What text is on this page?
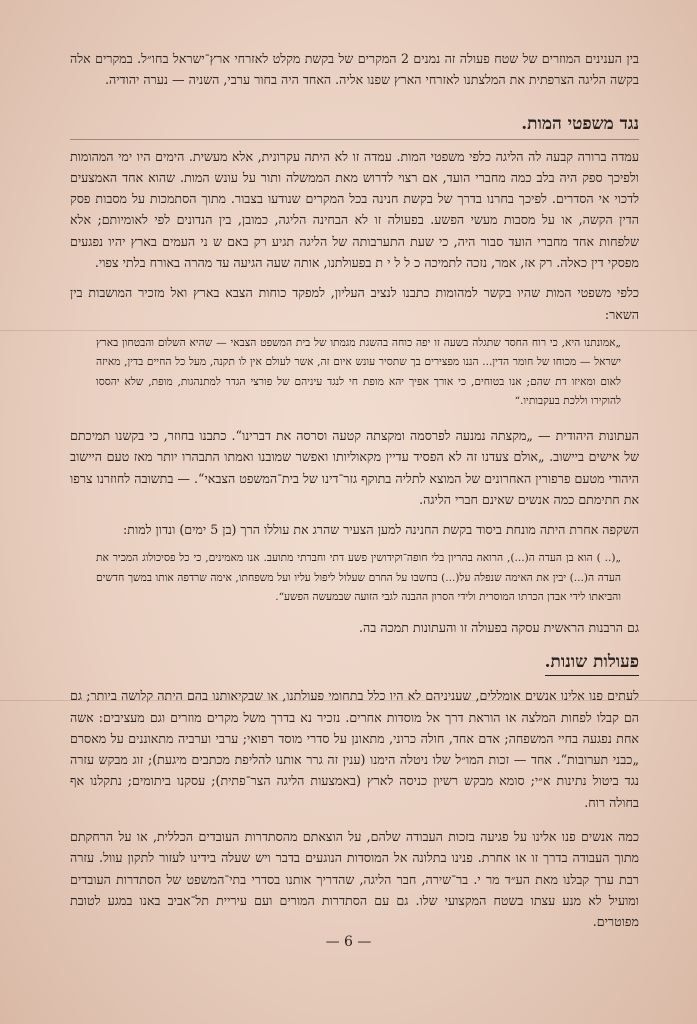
בין הענינים המוזרים של שטח פעולה זה נמנים 2 המקרים של בקשת מקלט לאזרחי ארץ־ישראל בחו״ל. במקרים אלה בקשה הליגה הצרפתית את המלצתנו לאזרחי הארץ שפנו אליה. האחד היה בחור ערבי, השניה — נערה יהודיה.

נגד משפטי המות.

עמדה ברורה קבעה לה הליגה כלפי משפטי המות. עמדה זו לא היתה עקרונית, אלא מעשית. הימים היו ימי המהומות ולפיכך ספק היה בלב כמה מחברי הועד, אם רצוי לדרוש מאת הממשלה ותור על עונש המות. שהוא אחד האמצעים לדכוי אי הסדרים. לפיכך בחרנו בדרך של בקשת חנינה בכל המקרים שנודעו בצבור. מתוך הסתמכות על מסבות פסק הדין הקשה, או על מסבות מעשי הפשע. בפעולה זו לא הבחינה הליגה, כמובן, בין הנדונים לפי לאומיותם; אלא שלפחות אחד מחברי הועד סבור היה, כי שעת התערבותה של הליגה תגיע רק באם ש ני העמים בארץ יהיו נפגעים מפסקי דין כאלה. רק אז, אמר, נזכה לתמיכה כ ל ל י ת בפעולתנו, אותה שעה הגיעה עד מהרה באורח בלתי צפוי.

כלפי משפטי המות שהיו בקשר למהומות כתבנו לנציב העליון, למפקד כוחות הצבא בארץ ואל מזכיר המושבות בין השאר:

„אמונתנו היא, כי רוח החסד שתגלה בשעה זו יפה כוחה בהשגת מגמתו של בית המשפט הצבאי — שהיא השלום והבטחון בארץ ישראל — מכוחו של חומר הדין... הננו מפצירים בך שתסיר עונש איום זה, אשר לעולם אין לו תקנה, מעל כל החיים בדין, מאיזה לאום ומאיזו דת שהם; אנו בטוחים, כי אורך אפיך יהא מופת חי לנגד עיניהם של פורצי הגדר למתנהגות, מופת, שלא יהססו להוקירו וללכת בעקבותיו.“

העתונות היהודית — „מקצתה נמנעה לפרסמה ומקצתה קטעה וסרסה את דברינו“. כתבנו בחוזר, כי בקשנו תמיכתם של אישים ביישוב. „אולם צעדנו זה לא הפסיד עדיין מקאוליותו ואפשר שמובנו ואמתו התבהרו יותר מאז טעם היישוב היהודי מטעם פרפורין האחרונים של המוצא לתליה בתוקף גזר־דינו של בית־המשפט הצבאי“. — בתשובה לחוזרנו צרפו את חתימתם כמה אנשים שאינם חברי הליגה.

השקפה אחרת היתה מונחת ביסוד בקשת החנינה למען הצעיר שהרג את עוללו הרך (בן 5 ימים) ונדון למות:

„(.. ) הוא בן העדה ה(...), הרואה בהריון בלי חופה־וקידושין פשע דתי וחברתי מתועב. אנו מאמינים, כי כל פסיכולוג המכיר את העדה ה(...) יבין את האימה שנפלה על(...) בחשבו על החרם שעלול ליפול עליו ועל משפחתו, אימה שרדפה אותו במשך חדשים והביאתו לידי אבדן הכרתו המוסרית ולידי הסרון ההבנה לגבי הזועה שבמעשה הפשע“.

גם הרבנות הראשית עסקה בפעולה זו והעתונות תמכה בה.

פעולות שונות.

לעתים פנו אלינו אנשים אומללים, שעניניהם לא היו כלל בתחומי פעולתנו, או שבקיאותנו בהם היתה קלושה ביותר; גם הם קבלו לפחות המלצה או הוראת דרך אל מוסדות אחרים. נזכיר נא בדרך משל מקרים מוזרים וגם מעציבים: אשה אחת נפגעה בחיי המשפחה; אדם אחד, חולה כרוני, מתאונן על סדרי מוסד רפואי; ערבי וערביה מתאוננים על מאסרם „כבני תערובות“. אחד — זכות המו״ל שלו ניטלה הימנו (ענין זה גרר אותנו להליפת מכתבים מיגעת); זוג מבקש עזרה נגד ביטול נתינות א״י; סומא מבקש רשיון כניסה לארץ (באמצעות הליגה הצר־פתית); עסקנו ביתומים; נתקלנו אף בחולה רוח.

כמה אנשים פנו אלינו על פגיעה בזכות העבודה שלהם, על הוצאתם מהסתדרות העובדים הכללית, או על הרחקתם מתוך העבודה בדרך זו או אחרת. פנינו בתלונה אל המוסדות הנוגעים בדבר ויש שעלה בידינו לעזור לתקון עוול. עזרה רבת ערך קבלנו מאת הע״ד מר י. בר־שירה, חבר הליגה, שהדריך אותנו בסדרי בתי־המשפט של הסתדרות העובדים ומועיל לא מנע עצתו בשטח המקצועי שלו. גם עם הסתדרות המורים ועם עיריית תל־אביב באנו במגע לטובת מפוטרים.

— 6 —
